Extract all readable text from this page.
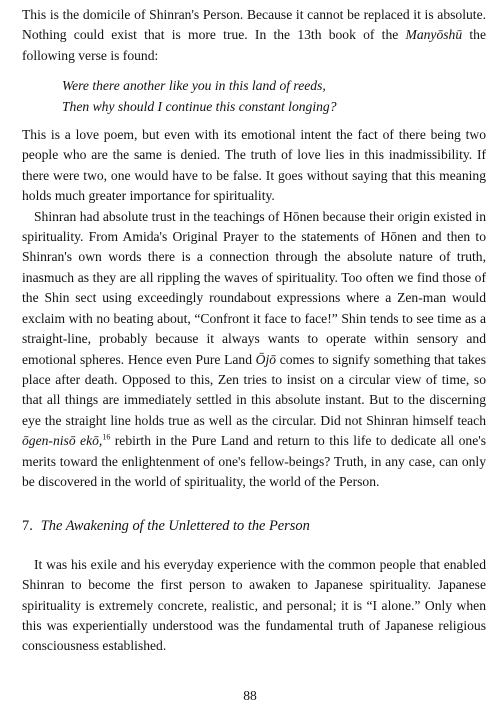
This is the domicile of Shinran's Person. Because it cannot be replaced it is absolute. Nothing could exist that is more true. In the 13th book of the Manyōshū the following verse is found:

Were there another like you in this land of reeds,
Then why should I continue this constant longing?

This is a love poem, but even with its emotional intent the fact of there being two people who are the same is denied. The truth of love lies in this inadmissibility. If there were two, one would have to be false. It goes without saying that this meaning holds much greater importance for spirituality.

Shinran had absolute trust in the teachings of Hōnen because their origin existed in spirituality. From Amida's Original Prayer to the statements of Hōnen and then to Shinran's own words there is a connection through the absolute nature of truth, inasmuch as they are all rippling the waves of spirituality. Too often we find those of the Shin sect using exceedingly roundabout expressions where a Zen-man would exclaim with no beating about, “Confront it face to face!” Shin tends to see time as a straight-line, probably because it always wants to operate within sensory and emotional spheres. Hence even Pure Land Ōjō comes to signify something that takes place after death. Opposed to this, Zen tries to insist on a circular view of time, so that all things are immediately settled in this absolute instant. But to the discerning eye the straight line holds true as well as the circular. Did not Shinran himself teach ōgen-nisō ekō,$^{16}$ rebirth in the Pure Land and return to this life to dedicate all one's merits toward the enlightenment of one's fellow-beings? Truth, in any case, can only be discovered in the world of spirituality, the world of the Person.

7. The Awakening of the Unlettered to the Person

It was his exile and his everyday experience with the common people that enabled Shinran to become the first person to awaken to Japanese spirituality. Japanese spirituality is extremely concrete, realistic, and personal; it is “I alone.” Only when this was experientially understood was the fundamental truth of Japanese religious consciousness established.

88
